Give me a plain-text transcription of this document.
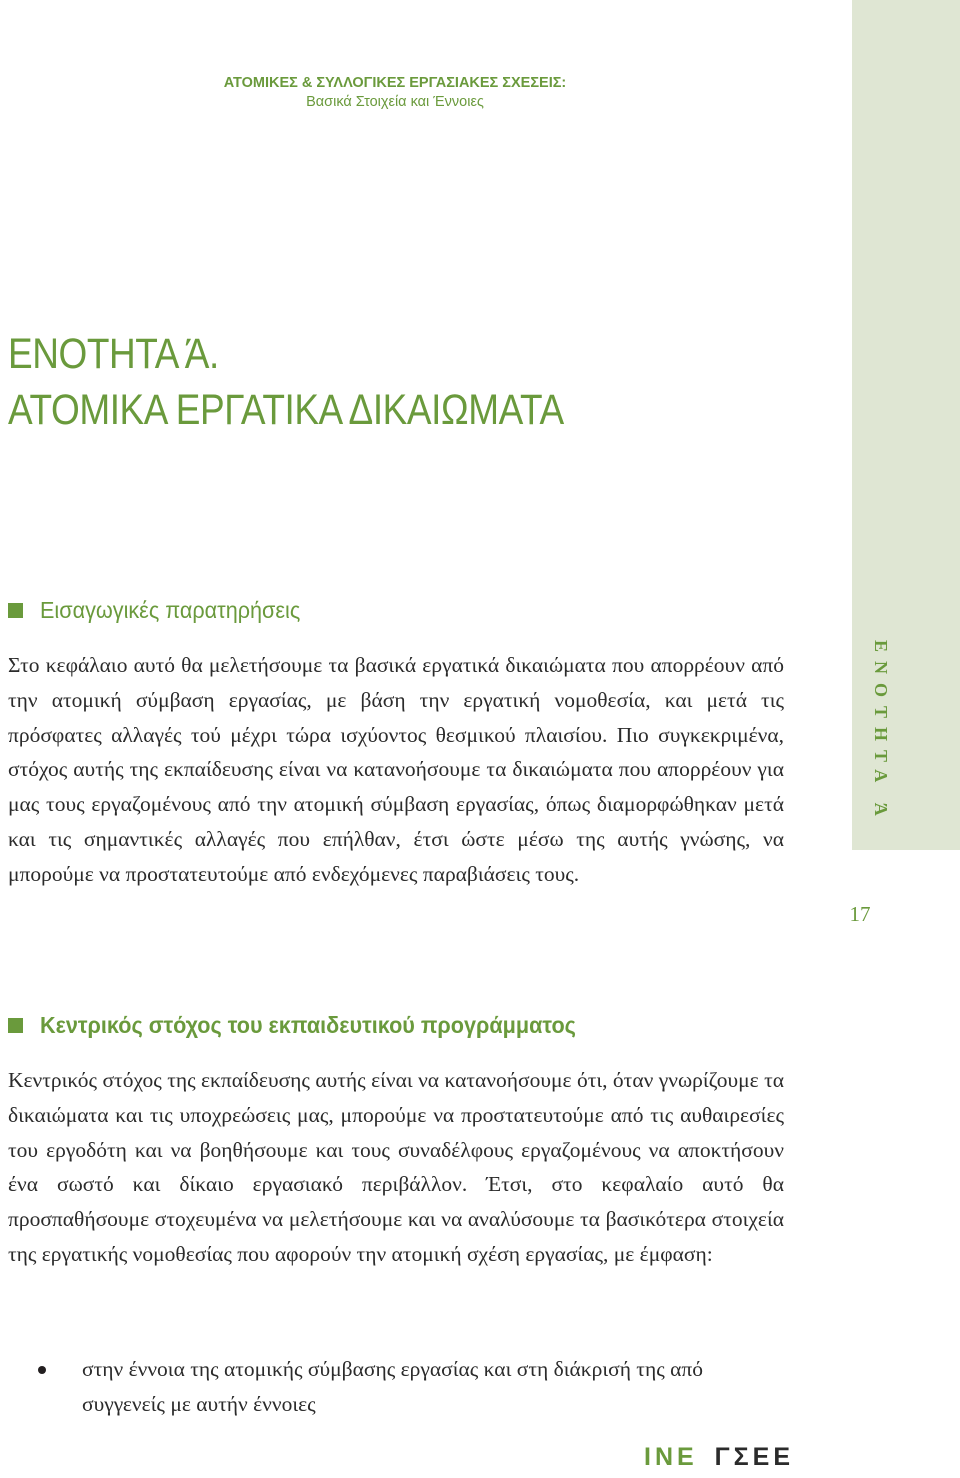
ΑΤΟΜΙΚΕΣ & ΣΥΛΛΟΓΙΚΕΣ ΕΡΓΑΣΙΑΚΕΣ ΣΧΕΣΕΙΣ:
Βασικά Στοιχεία και Έννοιες
ΕΝΟΤΗΤΑ Ά.
ΑΤΟΜΙΚΑ ΕΡΓΑΤΙΚΑ ΔΙΚΑΙΩΜΑΤΑ
Εισαγωγικές παρατηρήσεις
Στο κεφάλαιο αυτό θα μελετήσουμε τα βασικά εργατικά δικαιώματα που απορρέουν από την ατομική σύμβαση εργασίας, με βάση την εργατική νομοθεσία, και μετά τις πρόσφατες αλλαγές τού μέχρι τώρα ισχύοντος θεσμικού πλαισίου. Πιο συγκεκριμένα, στόχος αυτής της εκπαίδευσης είναι να κατανοήσουμε τα δικαιώματα που απορρέουν για μας τους εργαζομένους από την ατομική σύμβαση εργασίας, όπως διαμορφώθηκαν μετά και τις σημαντικές αλλαγές που επήλθαν, έτσι ώστε μέσω της αυτής γνώσης, να μπορούμε να προστατευτούμε από ενδεχόμενες παραβιάσεις τους.
Κεντρικός στόχος του εκπαιδευτικού προγράμματος
Κεντρικός στόχος της εκπαίδευσης αυτής είναι να κατανοήσουμε ότι, όταν γνωρίζουμε τα δικαιώματα και τις υποχρεώσεις μας, μπορούμε να προστατευτούμε από τις αυθαιρεσίες του εργοδότη και να βοηθήσουμε και τους συναδέλφους εργαζομένους να αποκτήσουν ένα σωστό και δίκαιο εργασιακό περιβάλλον. Έτσι, στο κεφαλαίο αυτό θα προσπαθήσουμε στοχευμένα να μελετήσουμε και να αναλύσουμε τα βασικότερα στοιχεία της εργατικής νομοθεσίας που αφορούν την ατομική σχέση εργασίας, με έμφαση:
στην έννοια της ατομικής σύμβασης εργασίας και στη διάκρισή της από συγγενείς με αυτήν έννοιες
ΕΝΟΤΗΤΑ Ά
17
ΙΝΕ ΓΣΕΕ
